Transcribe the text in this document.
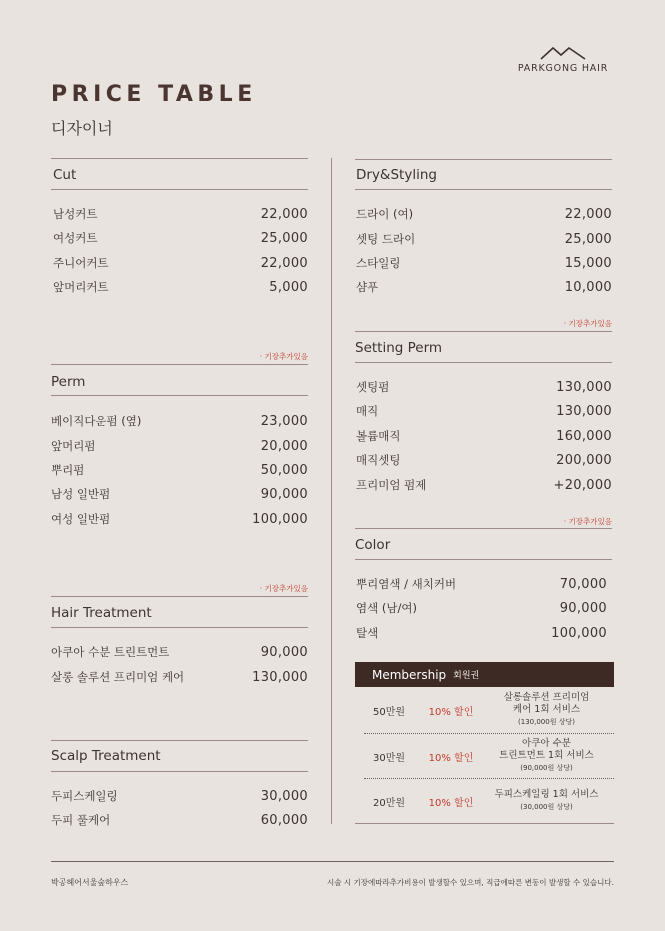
PARKGONG HAIR
PRICE TABLE
디자이너
Cut
남성커트	22,000
여성커트	25,000
주니어커트	22,000
앞머리커트	5,000
· 기장추가있음
Perm
베이직다운펌 (옆)	23,000
앞머리펌	20,000
뿌리펌	50,000
남성 일반펌	90,000
여성 일반펌	100,000
· 기장추가있음
Hair Treatment
아쿠아 수분 트린트먼트	90,000
살롱 솔루션 프리미엄 케어	130,000
Scalp Treatment
두피스케일링	30,000
두피 풀케어	60,000
Dry&Styling
드라이 (여)	22,000
셋팅 드라이	25,000
스타일링	15,000
샴푸	10,000
· 기장추가있음
Setting Perm
셋팅펌	130,000
매직	130,000
볼륨매직	160,000
매직셋팅	200,000
프리미엄 펌제	+20,000
· 기장추가있음
Color
뿌리염색 / 새치커버	70,000
염색 (남/여)	90,000
탈색	100,000
Membership 회원권
50만원	10% 할인
살롱솔루션 프리미엄
케어 1회 서비스
(130,000원 상당)
30만원	10% 할인
아쿠아 수분
트린트먼트 1회 서비스
(90,000원 상당)
20만원	10% 할인
두피스케일링 1회 서비스
(30,000원 상당)
박공헤어서울숲하우스	시술 시 기장에따라추가비용이 발생할수 있으며, 직급에따른 변동이 발생할 수 있습니다.
